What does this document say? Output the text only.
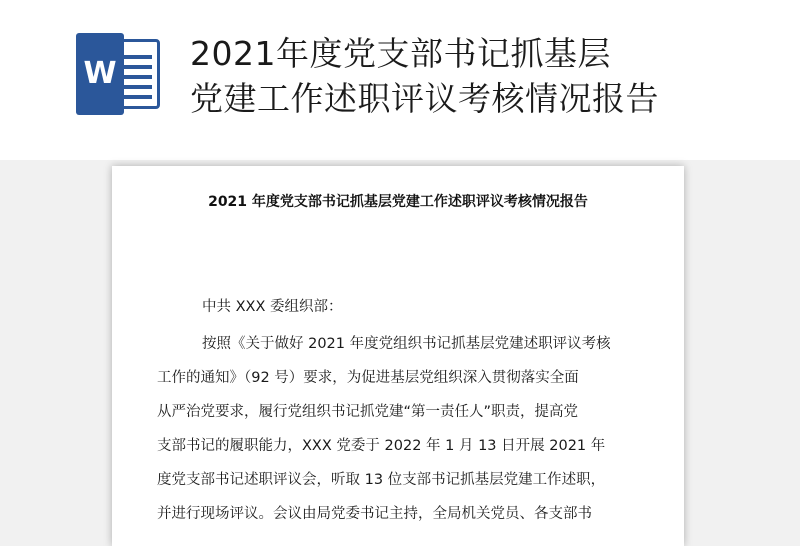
W
2021年度党支部书记抓基层
党建工作述职评议考核情况报告
2021 年度党支部书记抓基层党建工作述职评议考核情况报告

中共 XXX 委组织部：

按照《关于做好 2021 年度党组织书记抓基层党建述职评议考核
工作的通知》（92 号）要求，为促进基层党组织深入贯彻落实全面
从严治党要求，履行党组织书记抓党建“第一责任人”职责，提高党
支部书记的履职能力，XXX 党委于 2022 年 1 月 13 日开展 2021 年
度党支部书记述职评议会，听取 13 位支部书记抓基层党建工作述职，
并进行现场评议。会议由局党委书记主持，全局机关党员、各支部书
